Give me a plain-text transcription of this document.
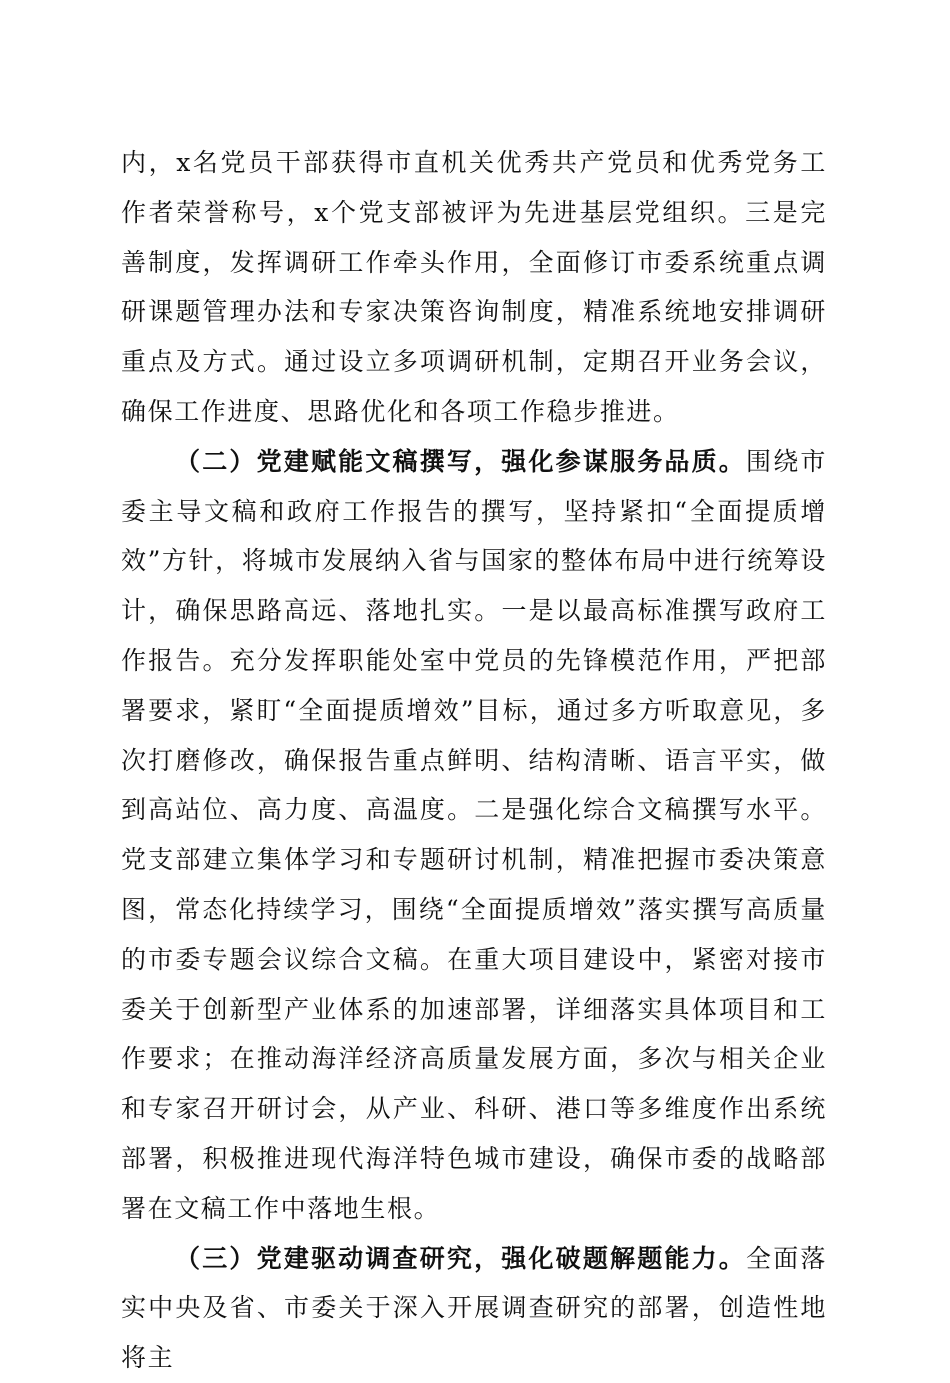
内，x名党员干部获得市直机关优秀共产党员和优秀党务工作者荣誉称号，x个党支部被评为先进基层党组织。三是完善制度，发挥调研工作牵头作用，全面修订市委系统重点调研课题管理办法和专家决策咨询制度，精准系统地安排调研重点及方式。通过设立多项调研机制，定期召开业务会议，确保工作进度、思路优化和各项工作稳步推进。

（二）党建赋能文稿撰写，强化参谋服务品质。围绕市委主导文稿和政府工作报告的撰写，坚持紧扣“全面提质增效”方针，将城市发展纳入省与国家的整体布局中进行统筹设计，确保思路高远、落地扎实。一是以最高标准撰写政府工作报告。充分发挥职能处室中党员的先锋模范作用，严把部署要求，紧盯“全面提质增效”目标，通过多方听取意见，多次打磨修改，确保报告重点鲜明、结构清晰、语言平实，做到高站位、高力度、高温度。二是强化综合文稿撰写水平。党支部建立集体学习和专题研讨机制，精准把握市委决策意图，常态化持续学习，围绕“全面提质增效”落实撰写高质量的市委专题会议综合文稿。在重大项目建设中，紧密对接市委关于创新型产业体系的加速部署，详细落实具体项目和工作要求；在推动海洋经济高质量发展方面，多次与相关企业和专家召开研讨会，从产业、科研、港口等多维度作出系统部署，积极推进现代海洋特色城市建设，确保市委的战略部署在文稿工作中落地生根。

（三）党建驱动调查研究，强化破题解题能力。全面落实中央及省、市委关于深入开展调查研究的部署，创造性地将主
